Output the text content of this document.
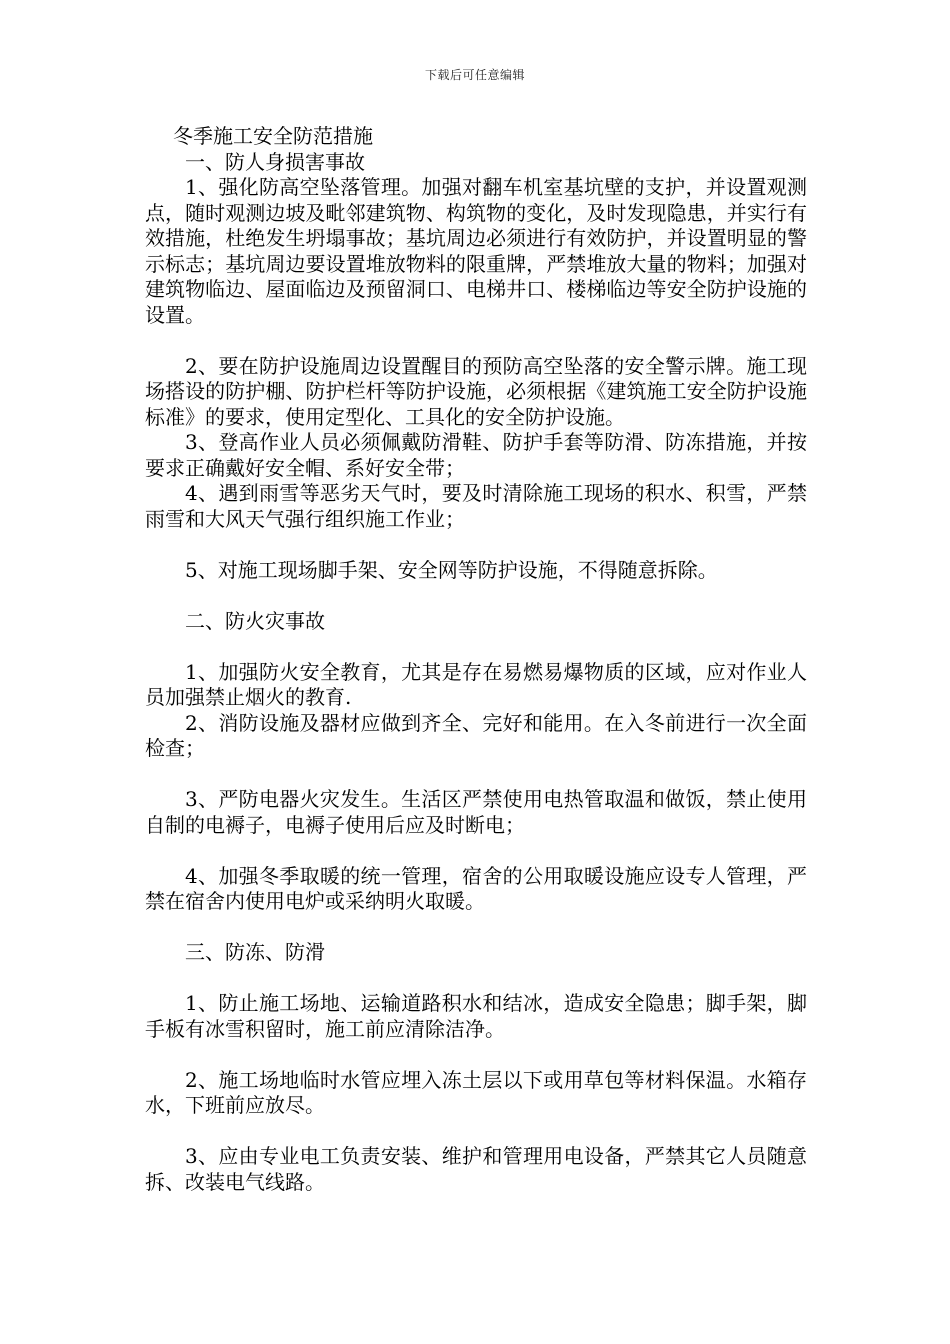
下载后可任意编辑

冬季施工安全防范措施

一、防人身损害事故

1、强化防高空坠落管理。加强对翻车机室基坑壁的支护，并设置观测点，随时观测边坡及毗邻建筑物、构筑物的变化，及时发现隐患，并实行有效措施，杜绝发生坍塌事故；基坑周边必须进行有效防护，并设置明显的警示标志；基坑周边要设置堆放物料的限重牌，严禁堆放大量的物料；加强对建筑物临边、屋面临边及预留洞口、电梯井口、楼梯临边等安全防护设施的设置。

2、要在防护设施周边设置醒目的预防高空坠落的安全警示牌。施工现场搭设的防护棚、防护栏杆等防护设施，必须根据《建筑施工安全防护设施标准》的要求，使用定型化、工具化的安全防护设施。

3、登高作业人员必须佩戴防滑鞋、防护手套等防滑、防冻措施，并按要求正确戴好安全帽、系好安全带；

4、遇到雨雪等恶劣天气时，要及时清除施工现场的积水、积雪，严禁雨雪和大风天气强行组织施工作业；

5、对施工现场脚手架、安全网等防护设施，不得随意拆除。

二、防火灾事故

1、加强防火安全教育，尤其是存在易燃易爆物质的区域，应对作业人员加强禁止烟火的教育.

2、消防设施及器材应做到齐全、完好和能用。在入冬前进行一次全面检查；

3、严防电器火灾发生。生活区严禁使用电热管取温和做饭，禁止使用自制的电褥子，电褥子使用后应及时断电；

4、加强冬季取暖的统一管理，宿舍的公用取暖设施应设专人管理，严禁在宿舍内使用电炉或采纳明火取暖。

三、防冻、防滑

1、防止施工场地、运输道路积水和结冰，造成安全隐患；脚手架，脚手板有冰雪积留时，施工前应清除洁净。

2、施工场地临时水管应埋入冻土层以下或用草包等材料保温。水箱存水，下班前应放尽。

3、应由专业电工负责安装、维护和管理用电设备，严禁其它人员随意拆、改装电气线路。
